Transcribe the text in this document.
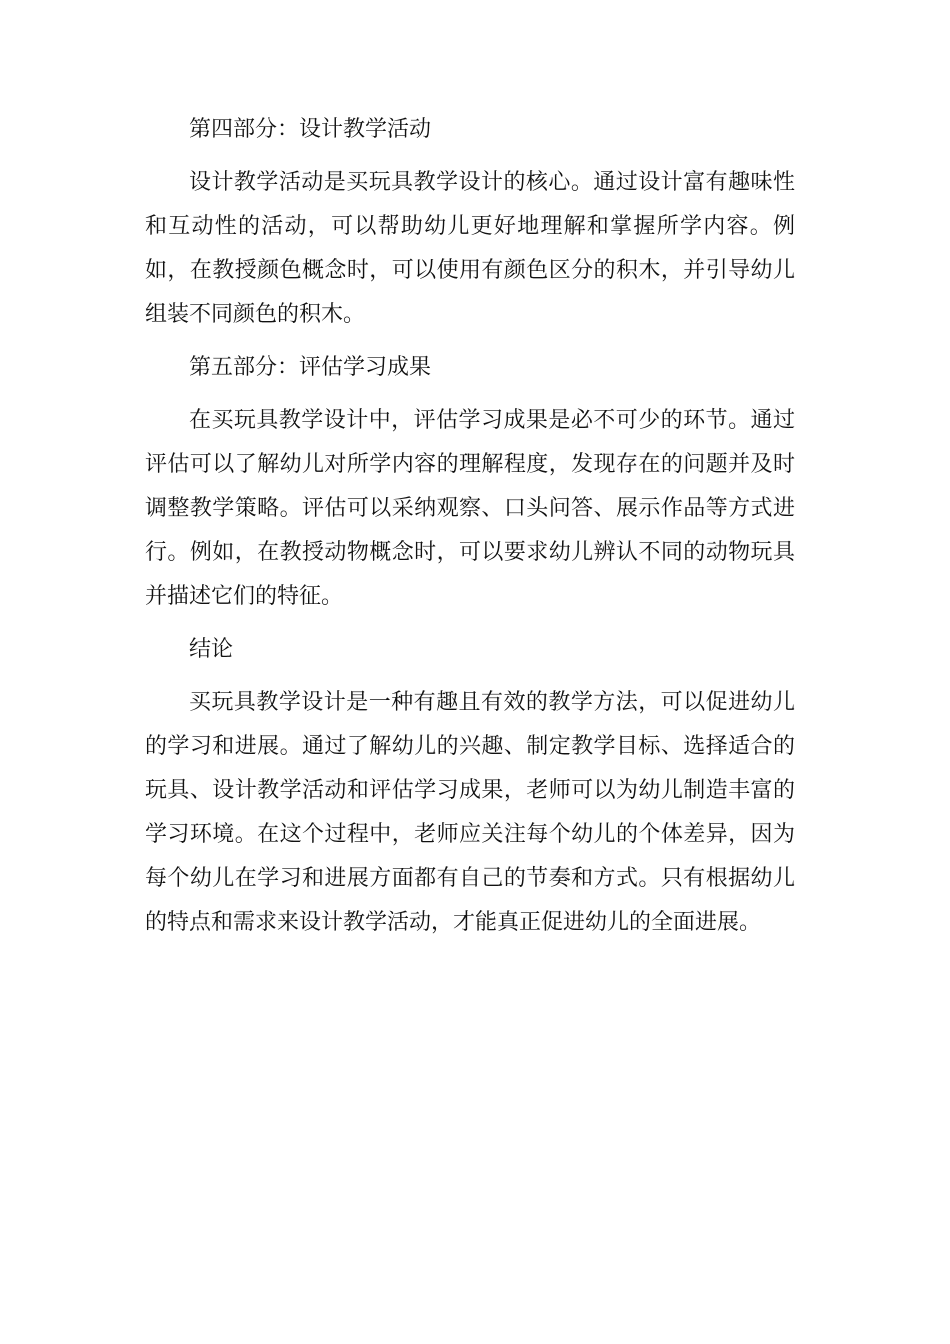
第四部分：设计教学活动

设计教学活动是买玩具教学设计的核心。通过设计富有趣味性和互动性的活动，可以帮助幼儿更好地理解和掌握所学内容。例如，在教授颜色概念时，可以使用有颜色区分的积木，并引导幼儿组装不同颜色的积木。

第五部分：评估学习成果

在买玩具教学设计中，评估学习成果是必不可少的环节。通过评估可以了解幼儿对所学内容的理解程度，发现存在的问题并及时调整教学策略。评估可以采纳观察、口头问答、展示作品等方式进行。例如，在教授动物概念时，可以要求幼儿辨认不同的动物玩具并描述它们的特征。

结论

买玩具教学设计是一种有趣且有效的教学方法，可以促进幼儿的学习和进展。通过了解幼儿的兴趣、制定教学目标、选择适合的玩具、设计教学活动和评估学习成果，老师可以为幼儿制造丰富的学习环境。在这个过程中，老师应关注每个幼儿的个体差异，因为每个幼儿在学习和进展方面都有自己的节奏和方式。只有根据幼儿的特点和需求来设计教学活动，才能真正促进幼儿的全面进展。
